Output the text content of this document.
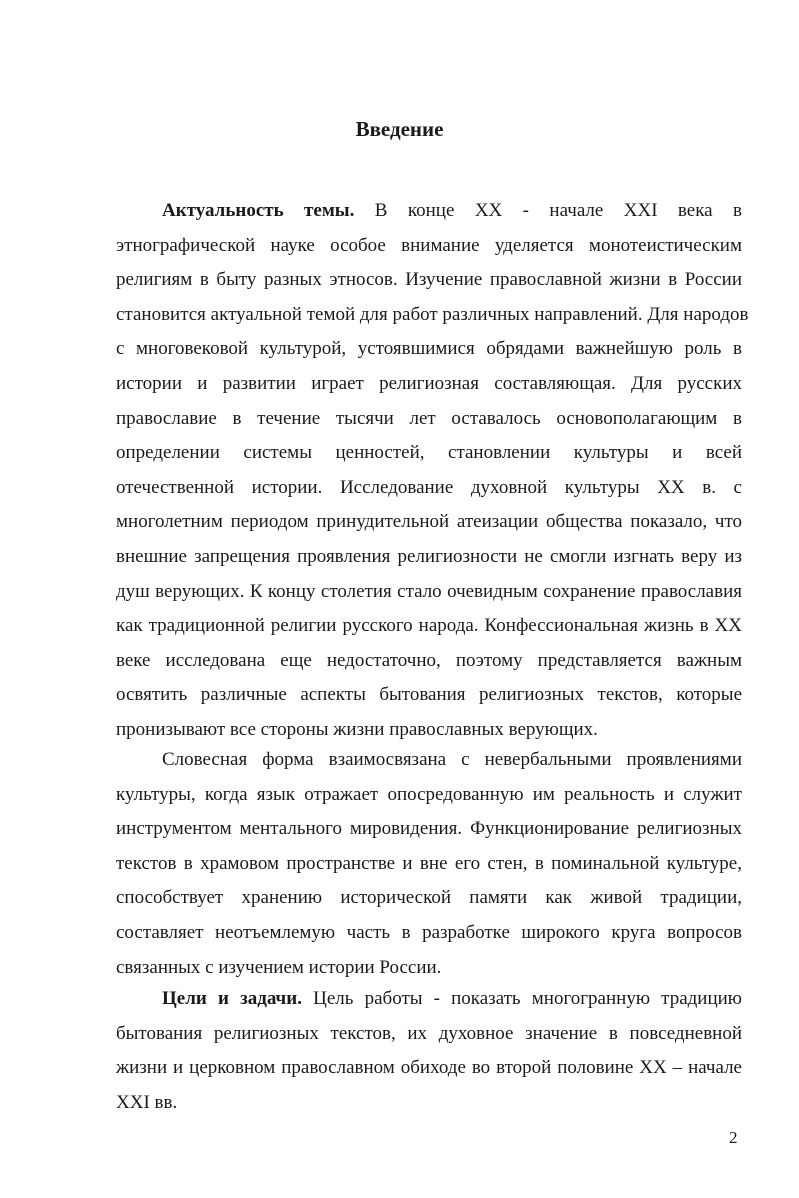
Введение
Актуальность темы. В конце XX - начале XXI века в
этнографической науке особое внимание уделяется монотеистическим
религиям в быту разных этносов. Изучение православной жизни в России
становится актуальной темой для работ различных направлений. Для народов
с многовековой культурой, устоявшимися обрядами важнейшую роль в
истории и развитии играет религиозная составляющая. Для русских
православие в течение тысячи лет оставалось основополагающим в
определении системы ценностей, становлении культуры и всей
отечественной истории. Исследование духовной культуры XX в. с
многолетним периодом принудительной атеизации общества показало, что
внешние запрещения проявления религиозности не смогли изгнать веру из
душ верующих. К концу столетия стало очевидным сохранение православия
как традиционной религии русского народа. Конфессиональная жизнь в XX
веке исследована еще недостаточно, поэтому представляется важным
освятить различные аспекты бытования религиозных текстов, которые
пронизывают все стороны жизни православных верующих.
Словесная форма взаимосвязана с невербальными проявлениями
культуры, когда язык отражает опосредованную им реальность и служит
инструментом ментального мировидения. Функционирование религиозных
текстов в храмовом пространстве и вне его стен, в поминальной культуре,
способствует хранению исторической памяти как живой традиции,
составляет неотъемлемую часть в разработке широкого круга вопросов
связанных с изучением истории России.
Цели и задачи. Цель работы - показать многогранную традицию
бытования религиозных текстов, их духовное значение в повседневной
жизни и церковном православном обиходе во второй половине XX – начале
XXI вв.
2
